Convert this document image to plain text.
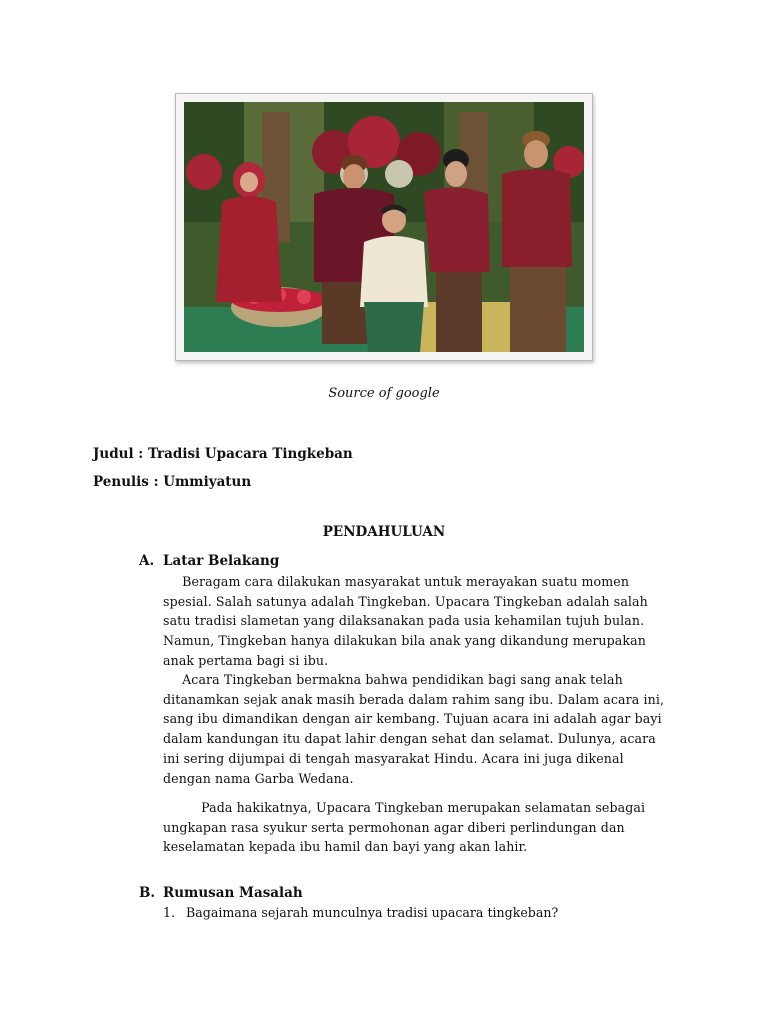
Source of google
Judul : Tradisi Upacara Tingkeban
Penulis : Ummiyatun
PENDAHULUAN
A. Latar Belakang

  Beragam cara dilakukan masyarakat untuk merayakan suatu momen spesial. Salah satunya adalah Tingkeban. Upacara Tingkeban adalah salah satu tradisi slametan yang dilaksanakan pada usia kehamilan tujuh bulan. Namun, Tingkeban hanya dilakukan bila anak yang dikandung merupakan anak pertama bagi si ibu.

  Acara Tingkeban bermakna bahwa pendidikan bagi sang anak telah ditanamkan sejak anak masih berada dalam rahim sang ibu. Dalam acara ini, sang ibu dimandikan dengan air kembang. Tujuan acara ini adalah agar bayi dalam kandungan itu dapat lahir dengan sehat dan selamat. Dulunya, acara ini sering dijumpai di tengah masyarakat Hindu. Acara ini juga dikenal dengan nama Garba Wedana.

   Pada hakikatnya, Upacara Tingkeban merupakan selamatan sebagai ungkapan rasa syukur serta permohonan agar diberi perlindungan dan keselamatan kepada ibu hamil dan bayi yang akan lahir.

B. Rumusan Masalah
1. Bagaimana sejarah munculnya tradisi upacara tingkeban?
